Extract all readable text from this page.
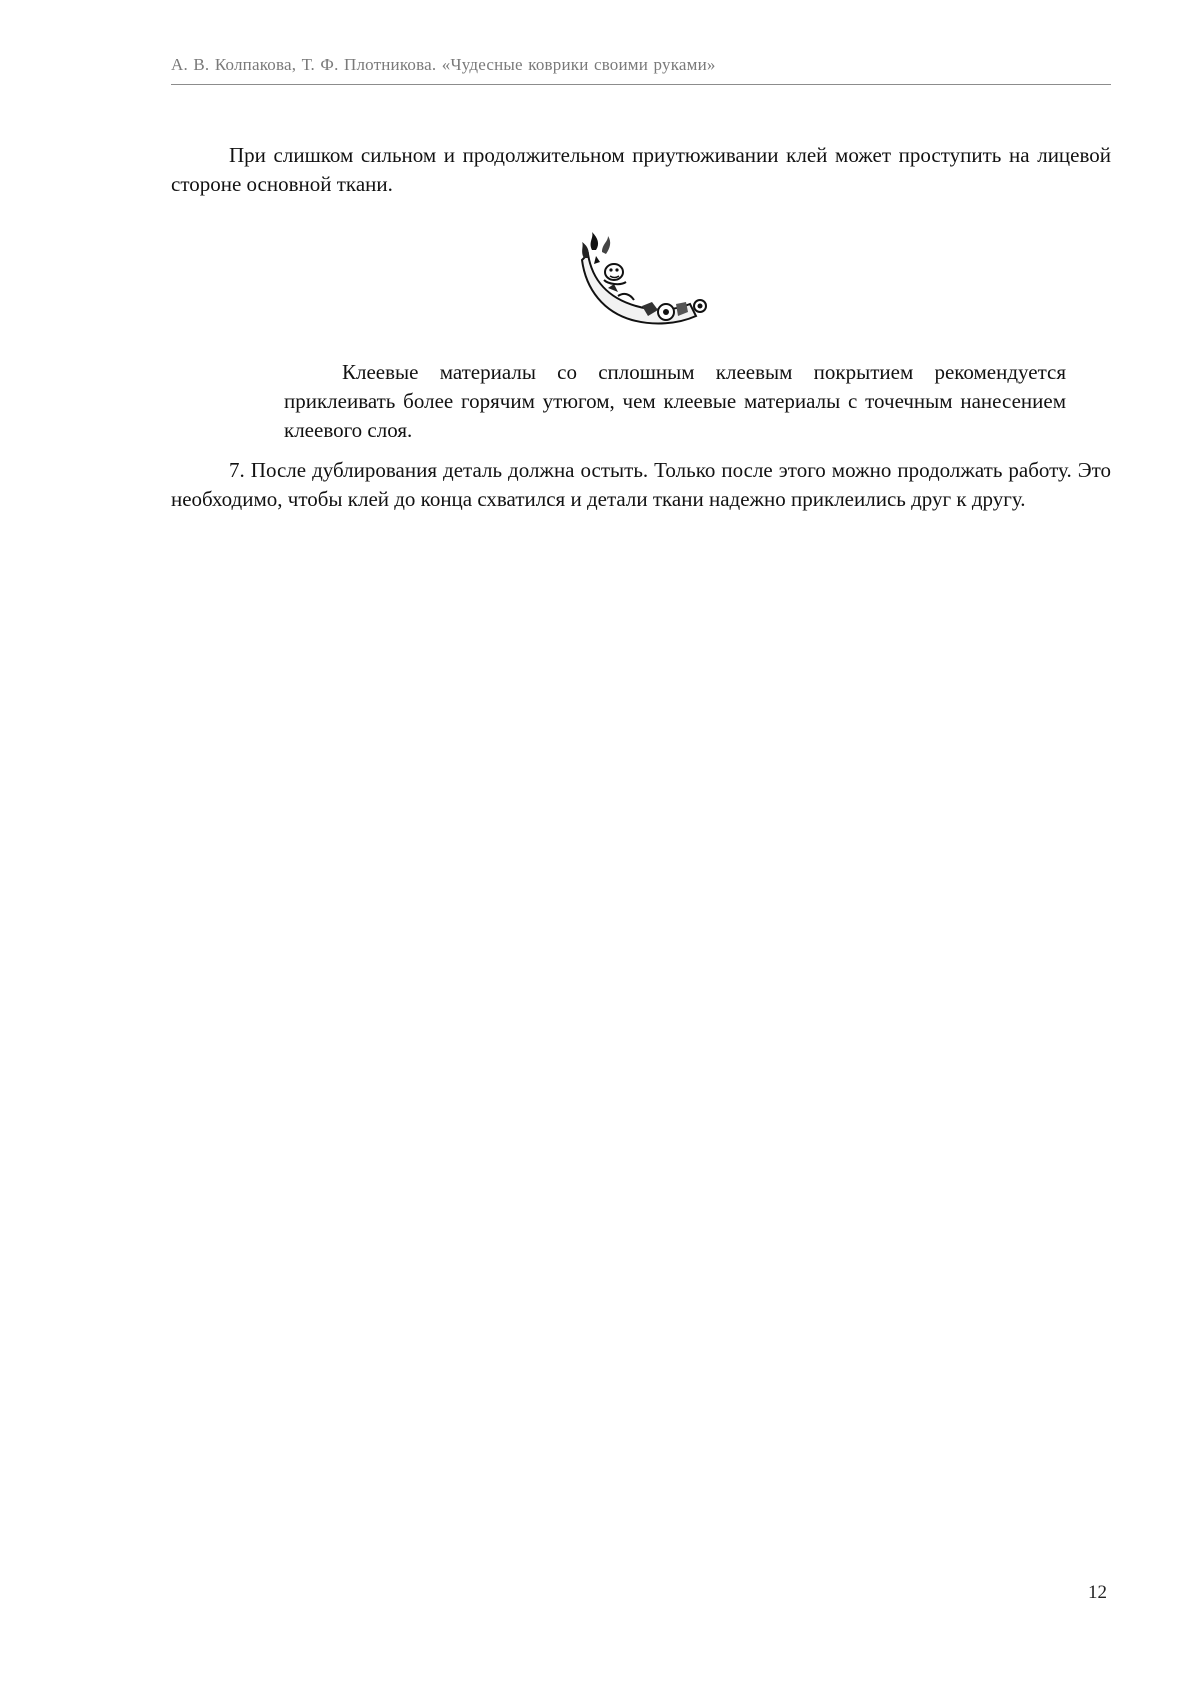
А. В. Колпакова, Т. Ф. Плотникова. «Чудесные коврики своими руками»

При слишком сильном и продолжительном приутюживании клей может проступить на лицевой стороне основной ткани.

Клеевые материалы со сплошным клеевым покрытием рекомендуется приклеивать более горячим утюгом, чем клеевые материалы с точечным нанесением клеевого слоя.

7. После дублирования деталь должна остыть. Только после этого можно продолжать работу. Это необходимо, чтобы клей до конца схватился и детали ткани надежно приклеились друг к другу.

12
